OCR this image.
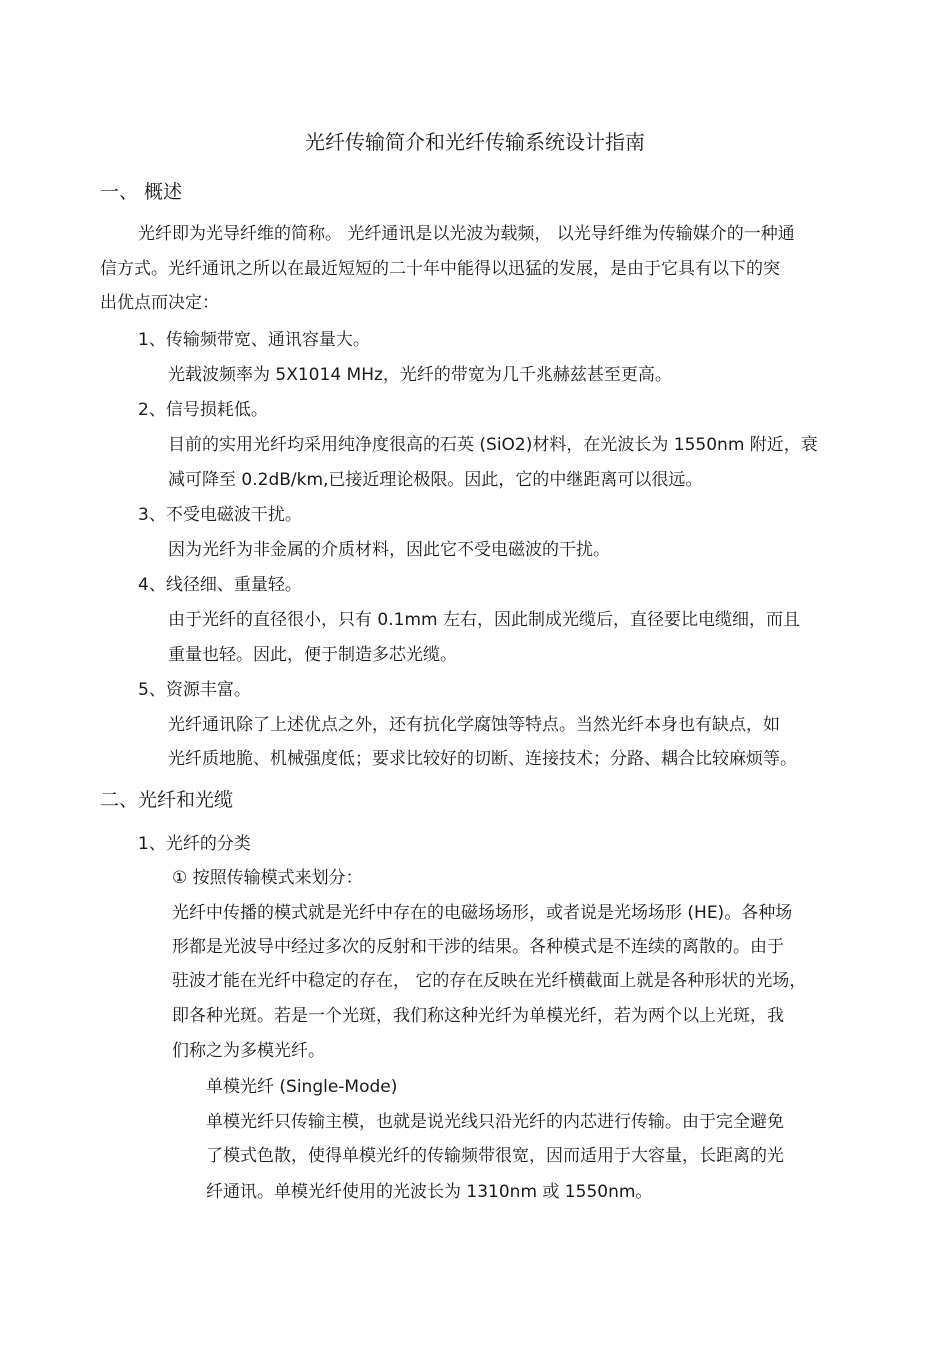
光纤传输简介和光纤传输系统设计指南
一、 概述
光纤即为光导纤维的简称。 光纤通讯是以光波为载频， 以光导纤维为传输媒介的一种通
信方式。光纤通讯之所以在最近短短的二十年中能得以迅猛的发展，是由于它具有以下的突
出优点而决定：
1、传输频带宽、通讯容量大。
光载波频率为 5X1014 MHz，光纤的带宽为几千兆赫兹甚至更高。
2、信号损耗低。
目前的实用光纤均采用纯净度很高的石英 (SiO2)材料，在光波长为 1550nm 附近，衰
减可降至 0.2dB/km,已接近理论极限。因此，它的中继距离可以很远。
3、不受电磁波干扰。
因为光纤为非金属的介质材料，因此它不受电磁波的干扰。
4、线径细、重量轻。
由于光纤的直径很小，只有 0.1mm 左右，因此制成光缆后，直径要比电缆细，而且
重量也轻。因此，便于制造多芯光缆。
5、资源丰富。
光纤通讯除了上述优点之外，还有抗化学腐蚀等特点。当然光纤本身也有缺点，如
光纤质地脆、机械强度低；要求比较好的切断、连接技术；分路、耦合比较麻烦等。
二、光纤和光缆
1、光纤的分类
① 按照传输模式来划分：
光纤中传播的模式就是光纤中存在的电磁场场形，或者说是光场场形 (HE)。各种场
形都是光波导中经过多次的反射和干涉的结果。各种模式是不连续的离散的。由于
驻波才能在光纤中稳定的存在， 它的存在反映在光纤横截面上就是各种形状的光场，
即各种光斑。若是一个光斑，我们称这种光纤为单模光纤，若为两个以上光斑，我
们称之为多模光纤。
单模光纤 (Single-Mode)
单模光纤只传输主模，也就是说光线只沿光纤的内芯进行传输。由于完全避免
了模式色散，使得单模光纤的传输频带很宽，因而适用于大容量，长距离的光
纤通讯。单模光纤使用的光波长为 1310nm 或 1550nm。
